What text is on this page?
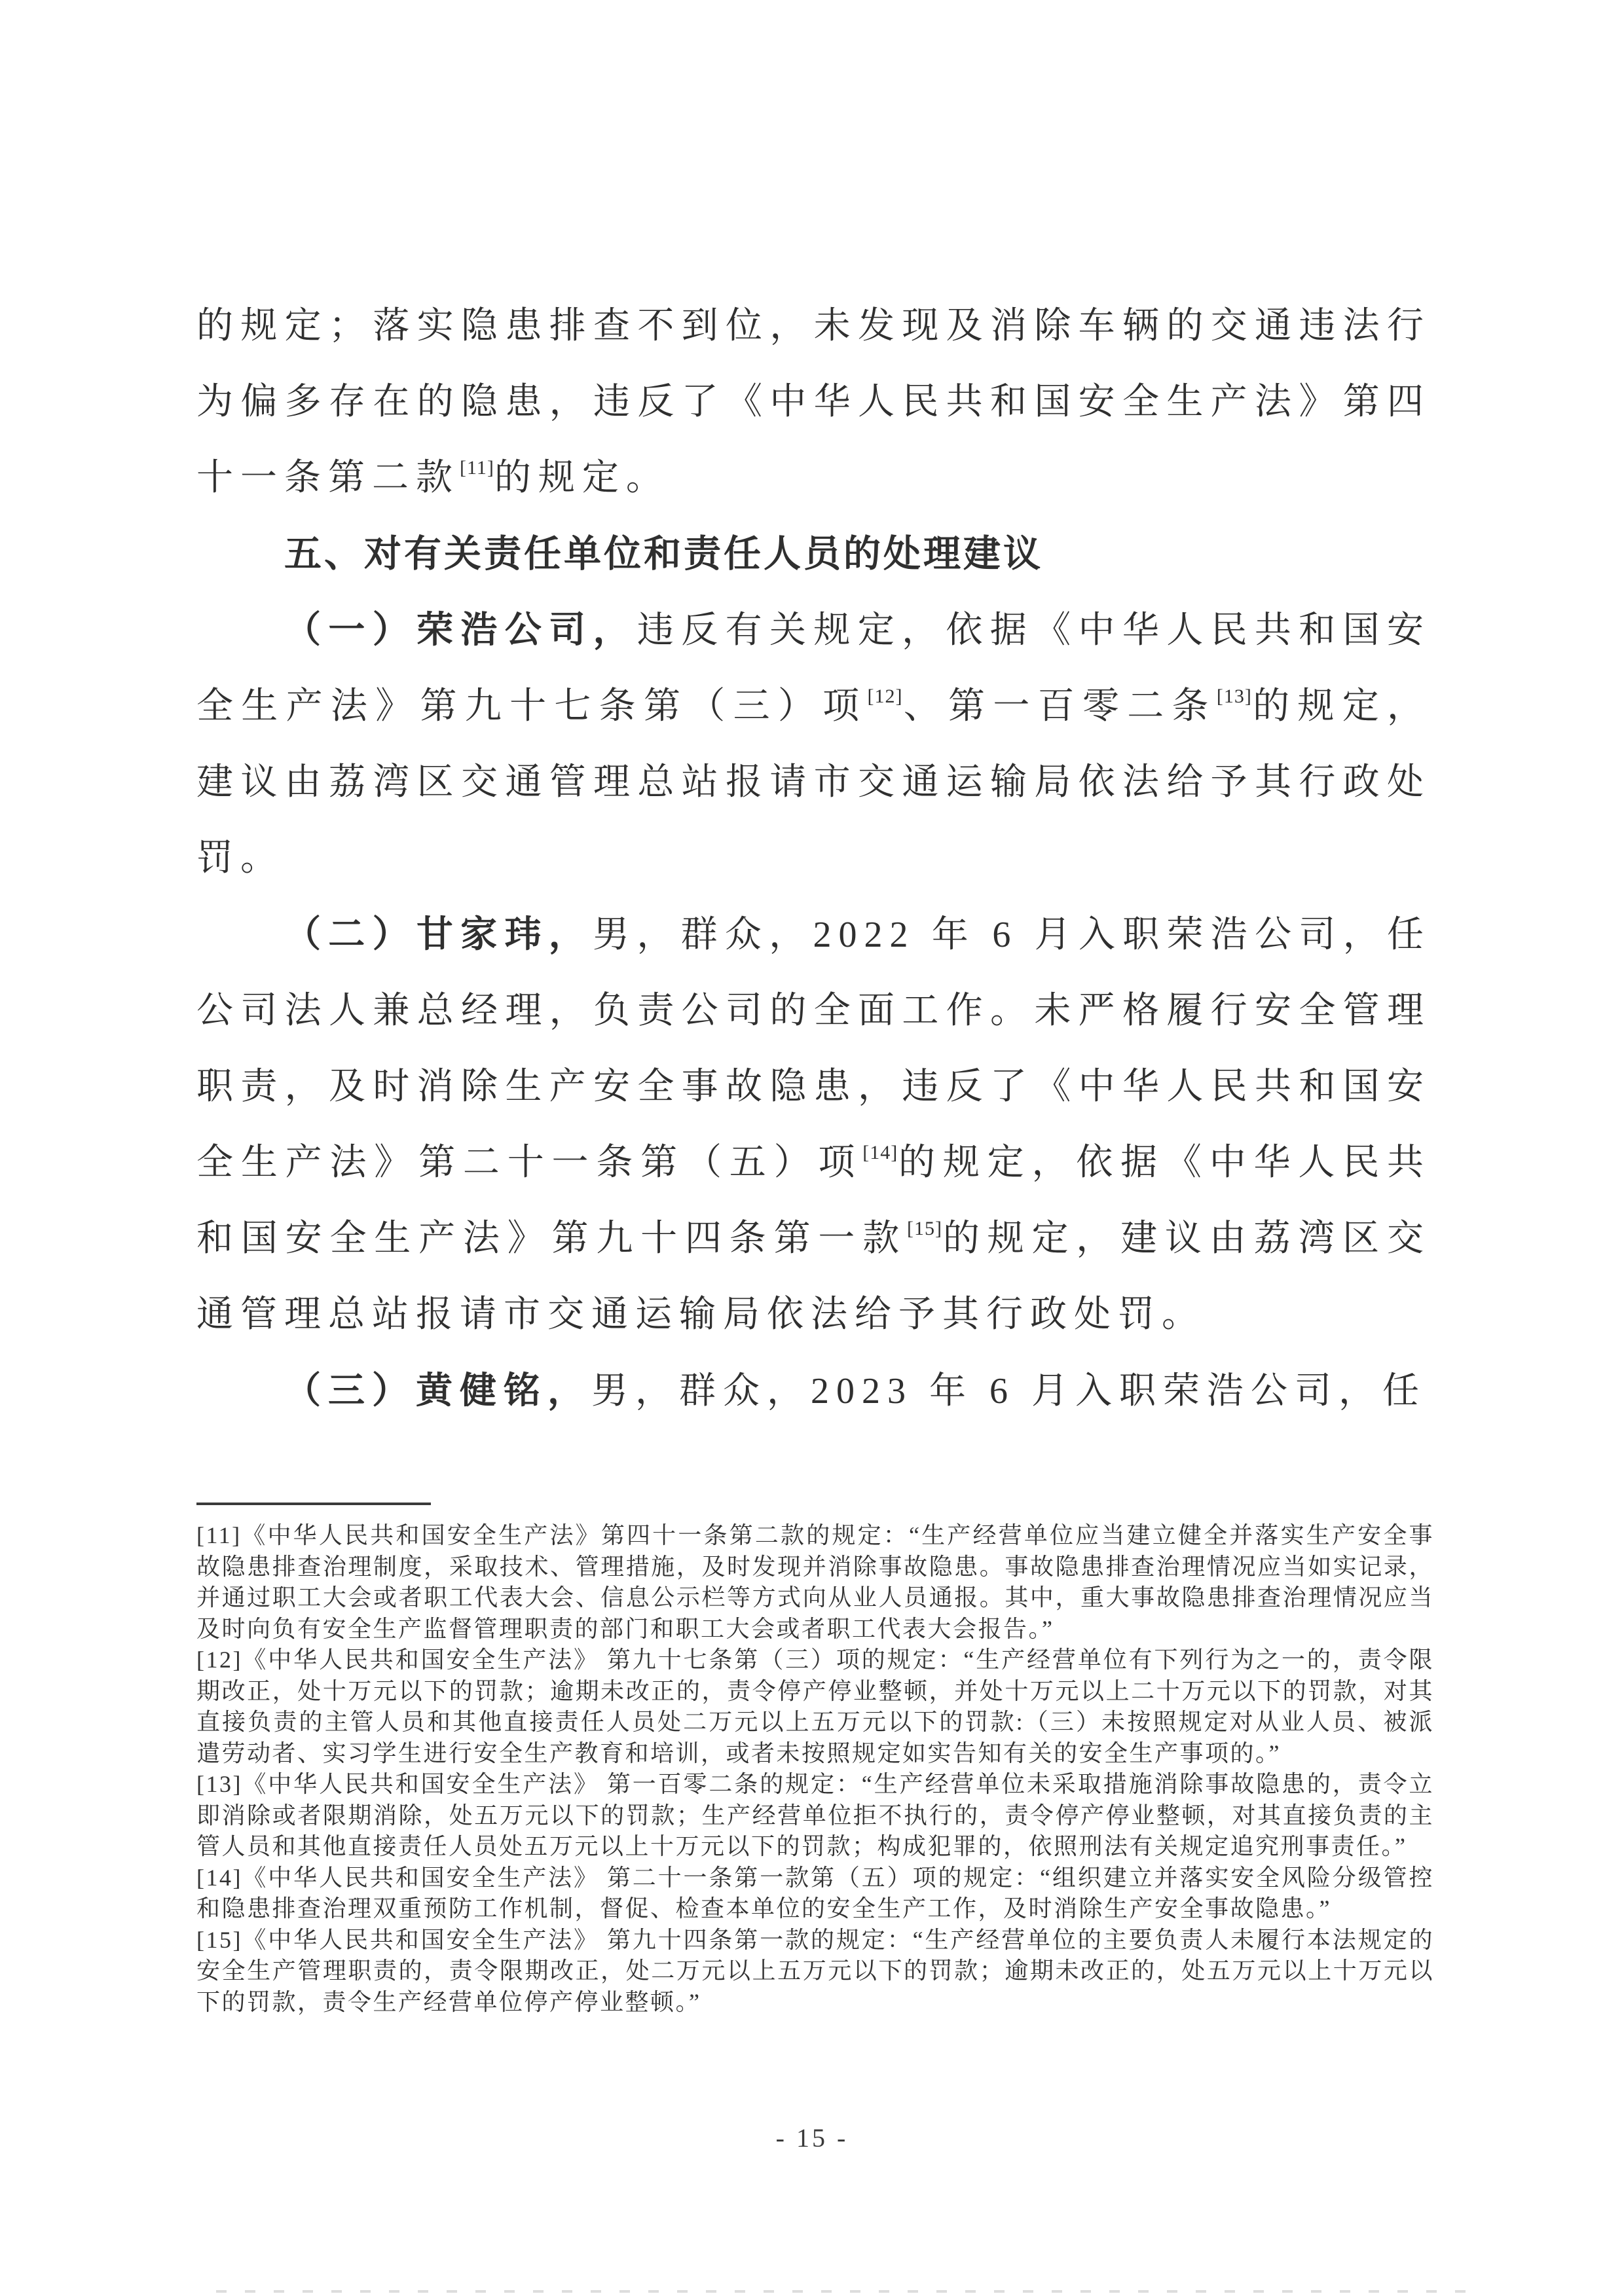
的规定；落实隐患排查不到位，未发现及消除车辆的交通违法行为偏多存在的隐患，违反了《中华人民共和国安全生产法》第四十一条第二款[11]的规定。

五、对有关责任单位和责任人员的处理建议

（一）荣浩公司，违反有关规定，依据《中华人民共和国安全生产法》第九十七条第（三）项[12]、第一百零二条[13]的规定，建议由荔湾区交通管理总站报请市交通运输局依法给予其行政处罚。

（二）甘家玮，男，群众，2022 年 6 月入职荣浩公司，任公司法人兼总经理，负责公司的全面工作。未严格履行安全管理职责，及时消除生产安全事故隐患，违反了《中华人民共和国安全生产法》第二十一条第（五）项[14]的规定，依据《中华人民共和国安全生产法》第九十四条第一款[15]的规定，建议由荔湾区交通管理总站报请市交通运输局依法给予其行政处罚。

（三）黄健铭，男，群众，2023 年 6 月入职荣浩公司，任

[11]《中华人民共和国安全生产法》第四十一条第二款的规定：“生产经营单位应当建立健全并落实生产安全事故隐患排查治理制度，采取技术、管理措施，及时发现并消除事故隐患。事故隐患排查治理情况应当如实记录，并通过职工大会或者职工代表大会、信息公示栏等方式向从业人员通报。其中，重大事故隐患排查治理情况应当及时向负有安全生产监督管理职责的部门和职工大会或者职工代表大会报告。”

[12]《中华人民共和国安全生产法》 第九十七条第（三）项的规定：“生产经营单位有下列行为之一的，责令限期改正，处十万元以下的罚款；逾期未改正的，责令停产停业整顿，并处十万元以上二十万元以下的罚款，对其直接负责的主管人员和其他直接责任人员处二万元以上五万元以下的罚款:（三）未按照规定对从业人员、被派遣劳动者、实习学生进行安全生产教育和培训，或者未按照规定如实告知有关的安全生产事项的。”

[13]《中华人民共和国安全生产法》 第一百零二条的规定：“生产经营单位未采取措施消除事故隐患的，责令立即消除或者限期消除，处五万元以下的罚款；生产经营单位拒不执行的，责令停产停业整顿，对其直接负责的主管人员和其他直接责任人员处五万元以上十万元以下的罚款；构成犯罪的，依照刑法有关规定追究刑事责任。”

[14]《中华人民共和国安全生产法》 第二十一条第一款第（五）项的规定：“组织建立并落实安全风险分级管控和隐患排查治理双重预防工作机制，督促、检查本单位的安全生产工作，及时消除生产安全事故隐患。”

[15]《中华人民共和国安全生产法》 第九十四条第一款的规定：“生产经营单位的主要负责人未履行本法规定的安全生产管理职责的，责令限期改正，处二万元以上五万元以下的罚款；逾期未改正的，处五万元以上十万元以下的罚款，责令生产经营单位停产停业整顿。”

- 15 -
